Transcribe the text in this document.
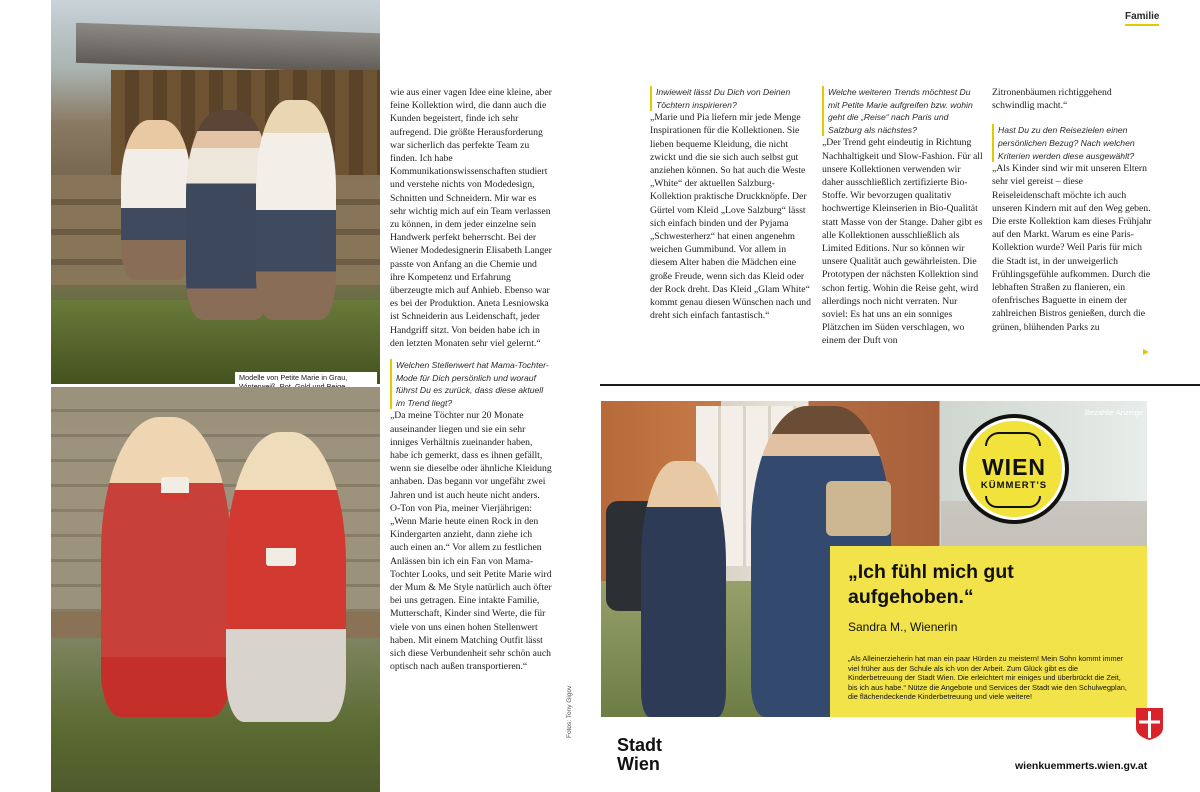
Familie
Modelle von Petite Marie in Grau,

wie aus einer vagen Idee eine kleine, aber feine Kollektion wird, die dann auch die Kunden begeistert, finde ich sehr aufregend. Die größte Herausforderung war sicherlich das perfekte Team zu finden. Ich habe Kommunikationswissenschaften studiert und verstehe nichts von Modedesign, Schnitten und Schneidern. Mir war es sehr wichtig mich auf ein Team verlassen zu können, in dem jeder einzelne sein Handwerk perfekt beherrscht. Bei der Wiener Modedesignerin Elisabeth Langer passte von Anfang an die Chemie und ihre Kompetenz und Erfahrung überzeugte mich auf Anhieb. Ebenso war es bei der Produktion. Aneta Lesniowska ist Schneiderin aus Leidenschaft, jeder Handgriff sitzt. Von beiden habe ich in den letzten Monaten sehr viel gelernt.“

Welchen Stellenwert hat Mama-Tochter-Mode für Dich persönlich und worauf führst Du es zurück, dass diese aktuell im Trend liegt?

„Da meine Töchter nur 20 Monate auseinander liegen und sie ein sehr inniges Verhältnis zueinander haben, habe ich gemerkt, dass es ihnen gefällt, wenn sie dieselbe oder ähnliche Kleidung anhaben. Das begann vor ungefähr zwei Jahren und ist auch heute nicht anders. O-Ton von Pia, meiner Vierjährigen: „Wenn Marie heute einen Rock in den Kindergarten anzieht, dann ziehe ich auch einen an.“ Vor allem zu festlichen Anlässen bin ich ein Fan von Mama-Tochter Looks, und seit Petite Marie wird der Mum & Me Style natürlich auch öfter bei uns getragen. Eine intakte Familie, Mutterschaft, Kinder sind Werte, die für viele von uns einen hohen Stellenwert haben. Mit einem Matching Outfit lässt sich diese Verbundenheit sehr schön auch optisch nach außen transportieren.“

Fotos: Tony Gigov

Inwieweit lässt Du Dich von Deinen Töchtern inspirieren?

„Marie und Pia liefern mir jede Menge Inspirationen für die Kollektionen. Sie lieben bequeme Kleidung, die nicht zwickt und die sie sich auch selbst gut anziehen können. So hat auch die Weste „White“ der aktuellen Salzburg-Kollektion praktische Druckknöpfe. Der Gürtel vom Kleid „Love Salzburg“ lässt sich einfach binden und der Pyjama „Schwesterherz“ hat einen angenehm weichen Gummibund. Vor allem in diesem Alter haben die Mädchen eine große Freude, wenn sich das Kleid oder der Rock dreht. Das Kleid „Glam White“ kommt genau diesen Wünschen nach und dreht sich einfach fantastisch.“

Welche weiteren Trends möchtest Du mit Petite Marie aufgreifen bzw. wohin geht die „Reise“ nach Paris und Salzburg als nächstes?

„Der Trend geht eindeutig in Richtung Nachhaltigkeit und Slow-Fashion. Für all unsere Kollektionen verwenden wir daher ausschließlich zertifizierte Bio-Stoffe. Wir bevorzugen qualitativ hochwertige Kleinserien in Bio-Qualität statt Masse von der Stange. Daher gibt es alle Kollektionen ausschließlich als Limited Editions. Nur so können wir unsere Qualität auch gewährleisten. Die Prototypen der nächsten Kollektion sind schon fertig. Wohin die Reise geht, wird allerdings noch nicht verraten. Nur soviel: Es hat uns an ein sonniges Plätzchen im Süden verschlagen, wo einem der Duft von

Zitronenbäumen richtiggehend schwindlig macht.“

Hast Du zu den Reisezielen einen persönlichen Bezug? Nach welchen Kriterien werden diese ausgewählt?

„Als Kinder sind wir mit unseren Eltern sehr viel gereist – diese Reiseleidenschaft möchte ich auch unseren Kindern mit auf den Weg geben. Die erste Kollektion kam dieses Frühjahr auf den Markt. Warum es eine Paris-Kollektion wurde? Weil Paris für mich die Stadt ist, in der unweigerlich Frühlingsgefühle aufkommen. Durch die lebhaften Straßen zu flanieren, ein ofenfrisches Baguette in einem der zahlreichen Bistros genießen, durch die grünen, blühenden Parks zu

Bezahlte Anzeige
WIEN
KÜMMERT'S
„Ich fühl mich gut aufgehoben.“
Sandra M., Wienerin
„Als Alleinerzieherin hat man ein paar Hürden zu meistern! Mein Sohn kommt immer viel früher aus der Schule als ich von der Arbeit. Zum Glück gibt es die Kinderbetreuung der Stadt Wien. Die erleichtert mir einiges und überbrückt die Zeit, bis ich aus habe.“ Nütze die Angebote und Services der Stadt wie den Schulwegplan, die flächendeckende Kinderbetreuung und viele weitere!
Stadt
Wien	wienkuemmerts.wien.gv.at
